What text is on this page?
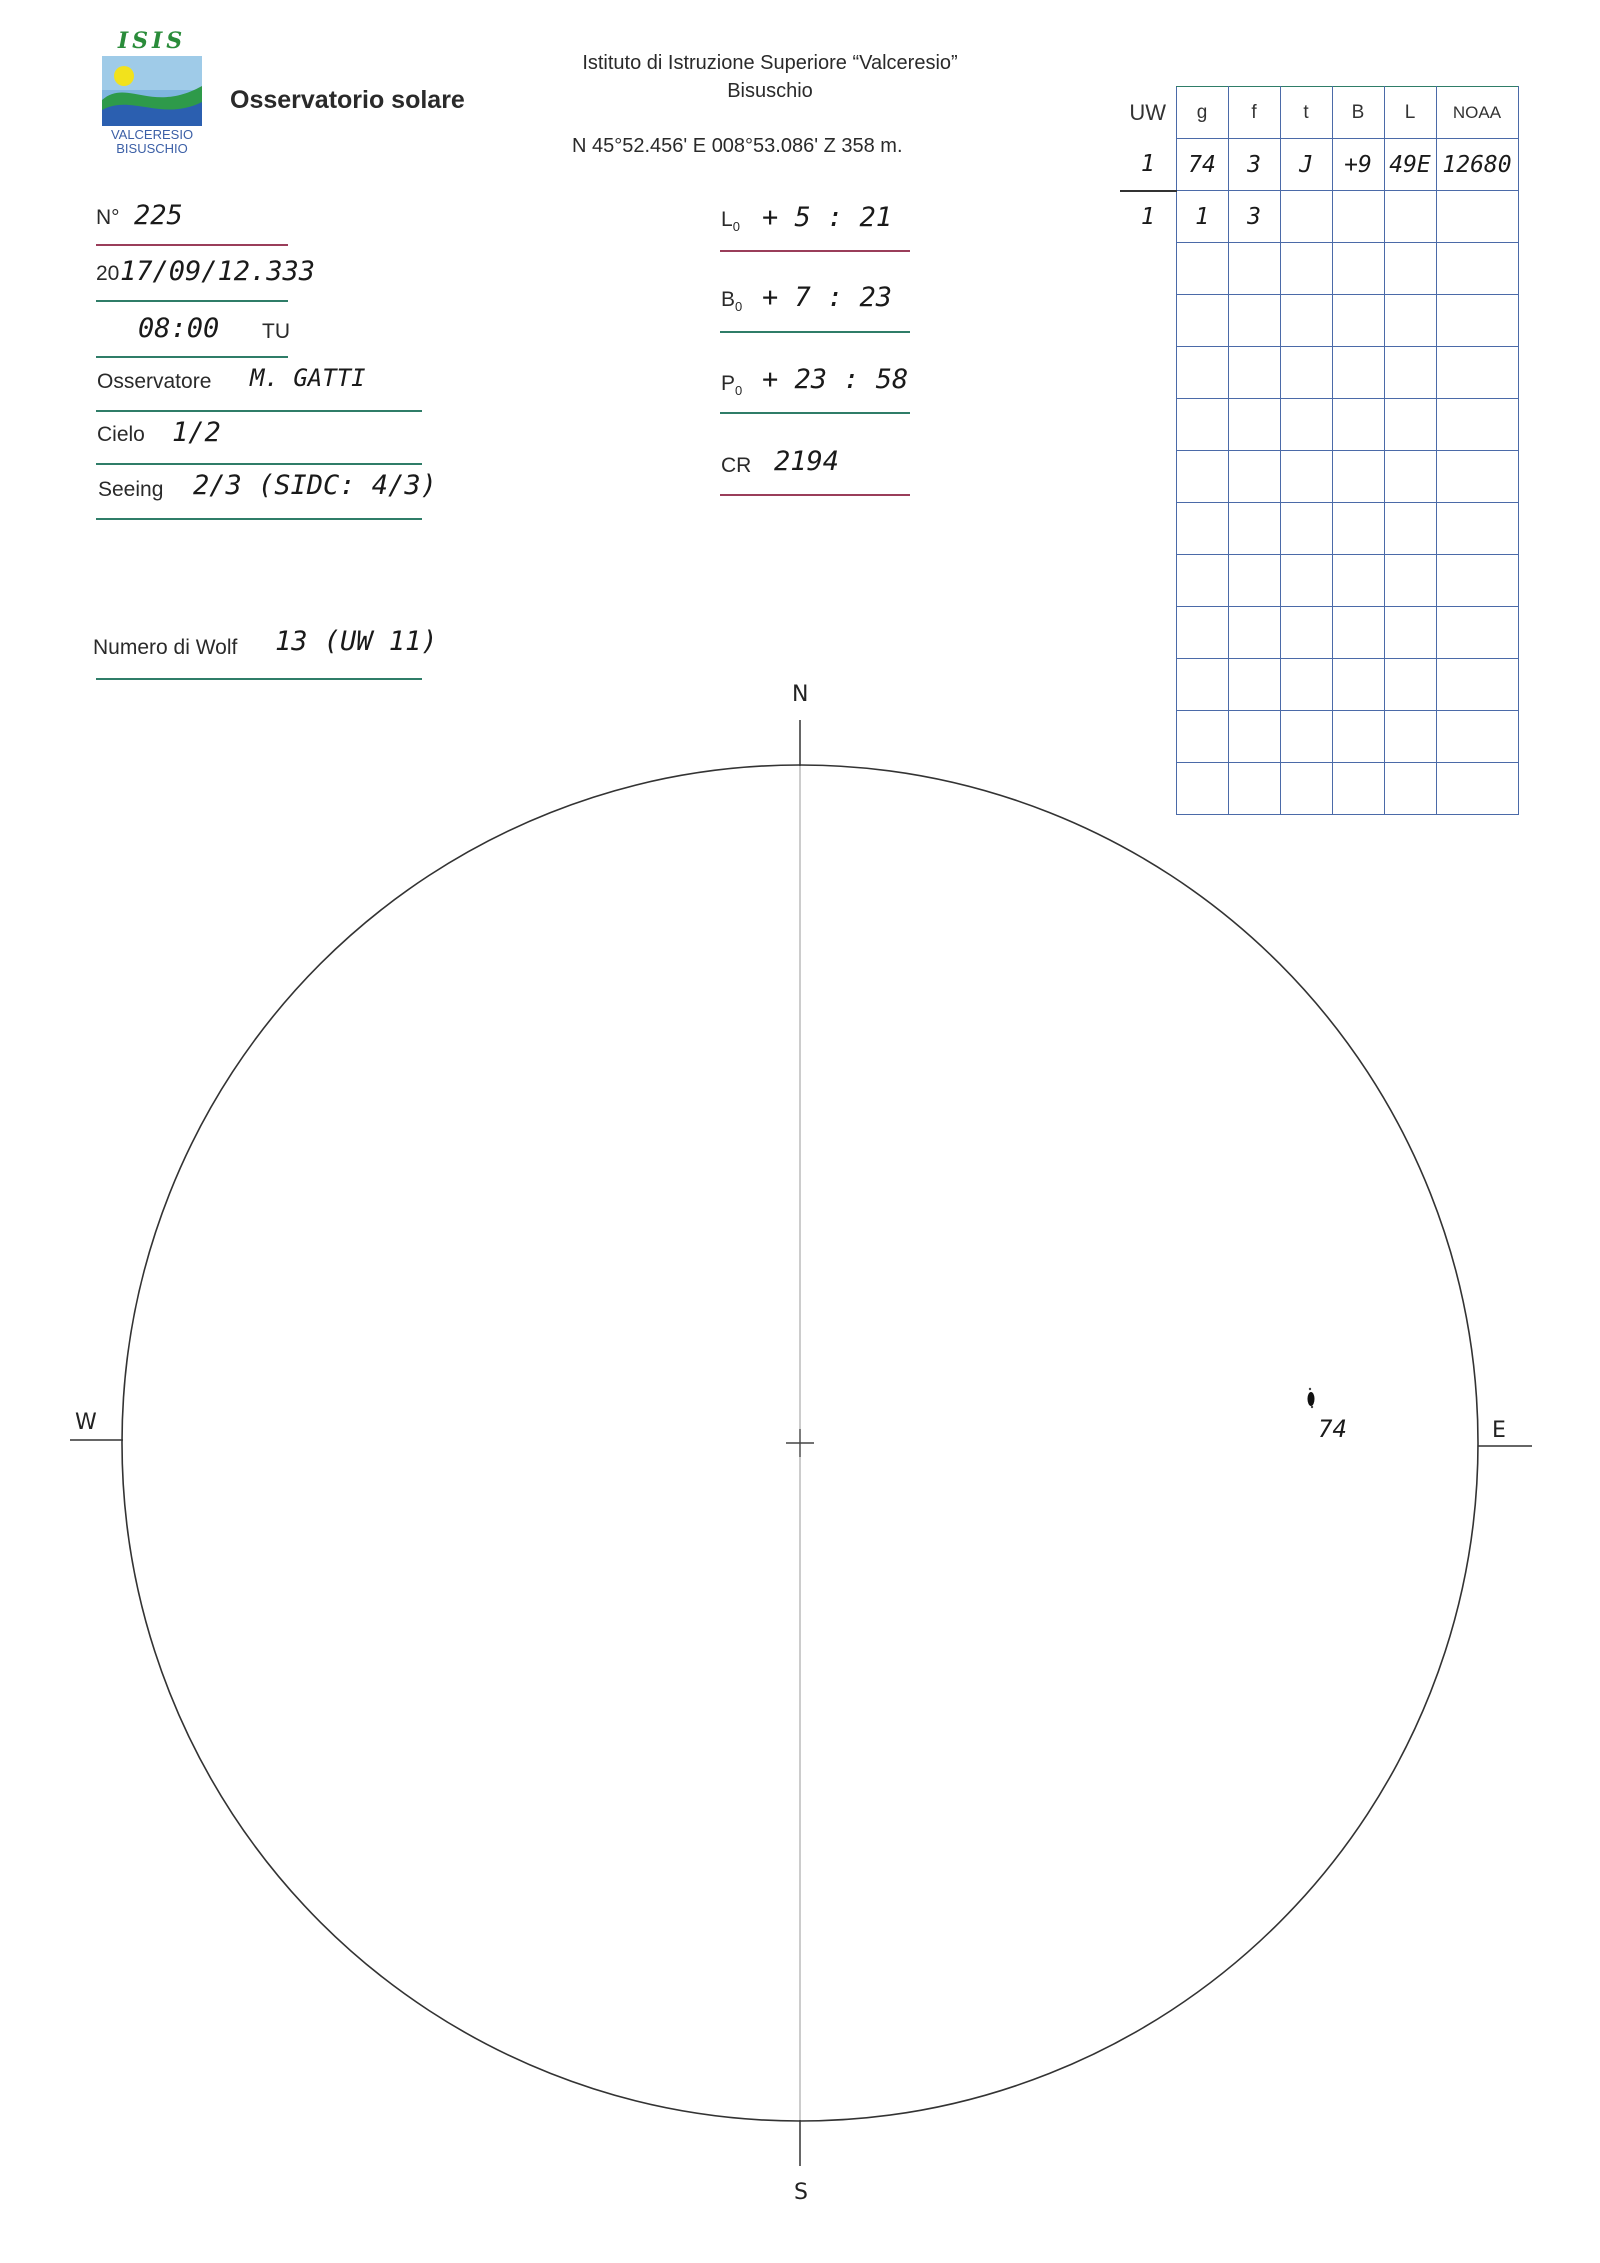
ISIS
VALCERESIO
BISUSCHIO
Osservatorio solare
Istituto di Istruzione Superiore “Valceresio”
Bisuschio
N 45°52.456' E 008°53.086' Z 358 m.
N° 225
20 17/09/12.333
08:00 TU
Osservatore M. GATTI
Cielo 1/2
Seeing 2/3 (SIDC: 4/3)
Numero di Wolf 13 (UW 11)
$L_0 + 5$ : 21
$B_0 + 7$ : 23
$P_0 + 23$ : 58
CR 2194
UW	g	f	t	B	L	NOAA
1	74	3	J	+9	49E	12680
1	1	3				

N
S
W	E
74
